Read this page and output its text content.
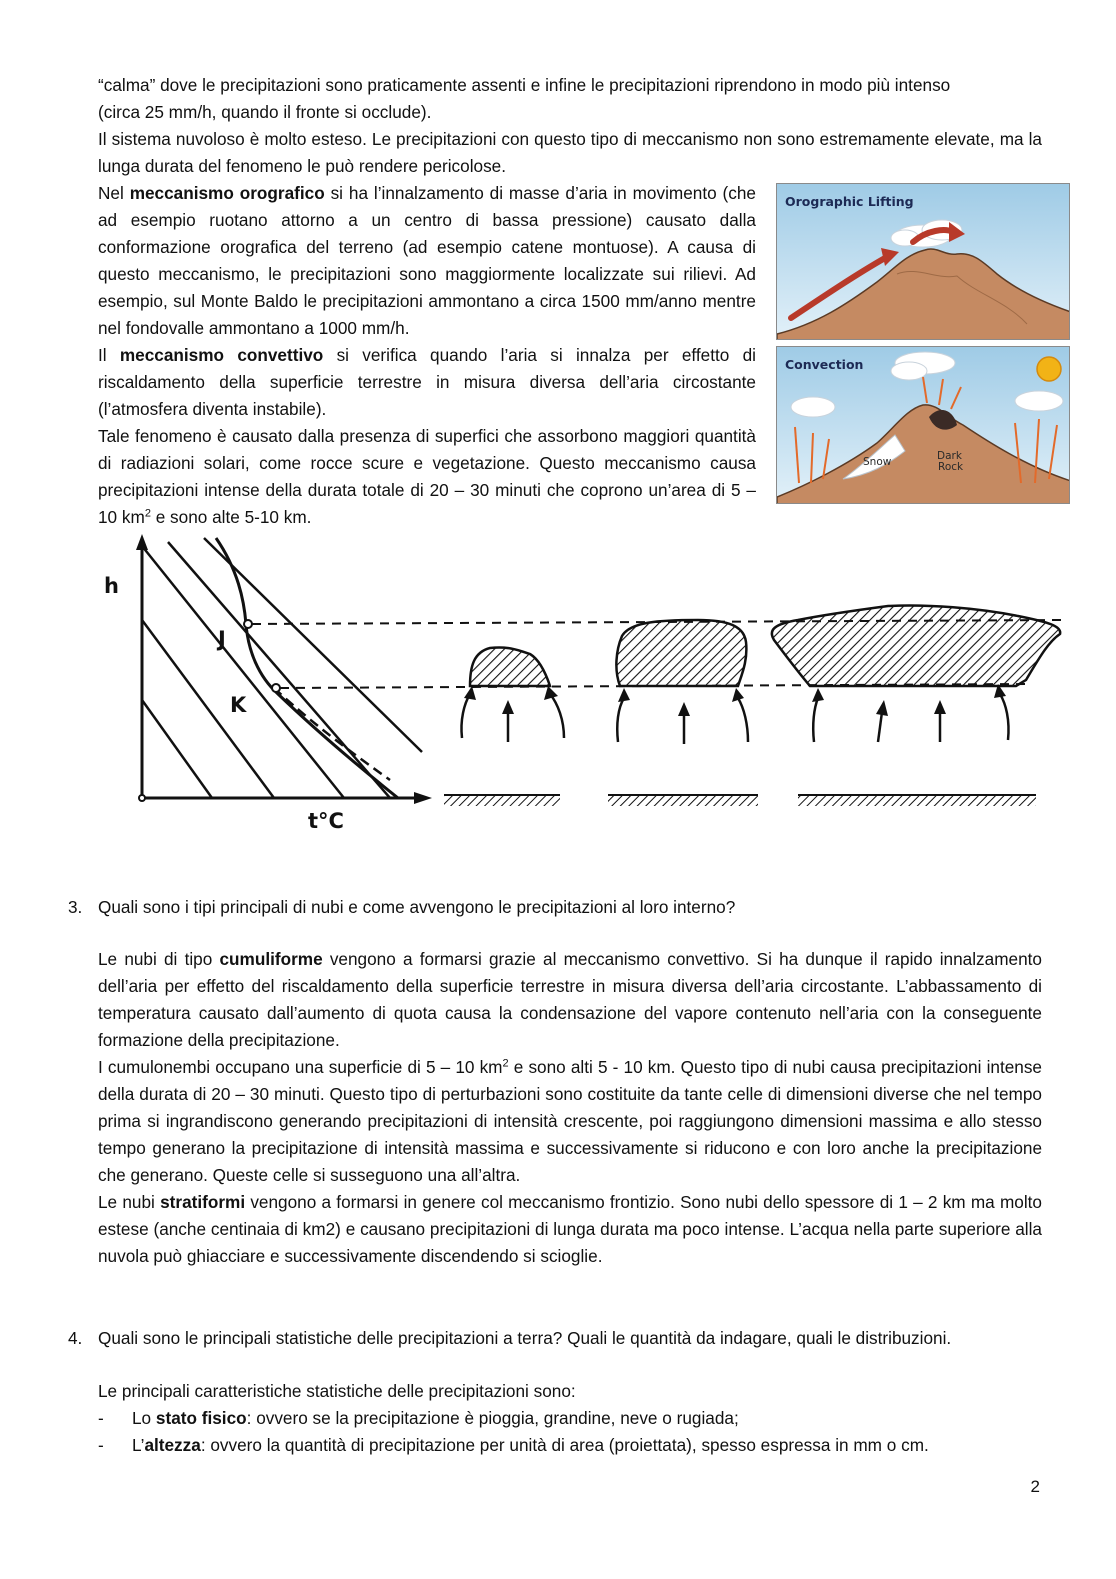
“calma” dove le precipitazioni sono praticamente assenti e infine le precipitazioni riprendono in modo più intenso

(circa 25 mm/h, quando il fronte si occlude).

Il sistema nuvoloso è molto esteso. Le precipitazioni con questo tipo di meccanismo non sono estremamente elevate, ma la lunga durata del fenomeno le può rendere pericolose.

Nel meccanismo orografico si ha l’innalzamento di masse d’aria in movimento (che ad esempio ruotano attorno a un centro di bassa pressione) causato dalla conformazione orografica del terreno (ad esempio catene montuose). A causa di questo meccanismo, le precipitazioni sono maggiormente localizzate sui rilievi. Ad esempio, sul Monte Baldo le precipitazioni ammontano a circa 1500 mm/anno mentre nel fondovalle ammontano a 1000 mm/h.

Il meccanismo convettivo si verifica quando l’aria si innalza per effetto di riscaldamento della superficie terrestre in misura diversa dell’aria circostante (l’atmosfera diventa instabile).

Tale fenomeno è causato dalla presenza di superfici che assorbono maggiori quantità di radiazioni solari, come rocce scure e vegetazione. Questo meccanismo causa precipitazioni intense della durata totale di 20 – 30 minuti che coprono un’area di 5 – 10 $km^2$ e sono alte 5-10 km.

Orographic Lifting
Convection
Snow	Dark
Rock
h
J
K
t°C
3. Quali sono i tipi principali di nubi e come avvengono le precipitazioni al loro interno?

Le nubi di tipo cumuliforme vengono a formarsi grazie al meccanismo convettivo. Si ha dunque il rapido innalzamento dell’aria per effetto del riscaldamento della superficie terrestre in misura diversa dell’aria circostante. L’abbassamento di temperatura causato dall’aumento di quota causa la condensazione del vapore contenuto nell’aria con la conseguente formazione della precipitazione.

I cumulonembi occupano una superficie di 5 – 10 $km^2$ e sono alti 5 - 10 km. Questo tipo di nubi causa precipitazioni intense della durata di 20 – 30 minuti. Questo tipo di perturbazioni sono costituite da tante celle di dimensioni diverse che nel tempo prima si ingrandiscono generando precipitazioni di intensità crescente, poi raggiungono dimensioni massima e allo stesso tempo generano la precipitazione di intensità massima e successivamente si riducono e con loro anche la precipitazione che generano. Queste celle si susseguono una all’altra.

Le nubi stratiformi vengono a formarsi in genere col meccanismo frontizio. Sono nubi dello spessore di 1 – 2 km ma molto estese (anche centinaia di km2) e causano precipitazioni di lunga durata ma poco intense. L’acqua nella parte superiore alla nuvola può ghiacciare e successivamente discendendo si scioglie.

4. Quali sono le principali statistiche delle precipitazioni a terra? Quali le quantità da indagare, quali le distribuzioni.

Le principali caratteristiche statistiche delle precipitazioni sono:

- Lo stato fisico: ovvero se la precipitazione è pioggia, grandine, neve o rugiada;
- L’altezza: ovvero la quantità di precipitazione per unità di area (proiettata), spesso espressa in mm o cm.
2
